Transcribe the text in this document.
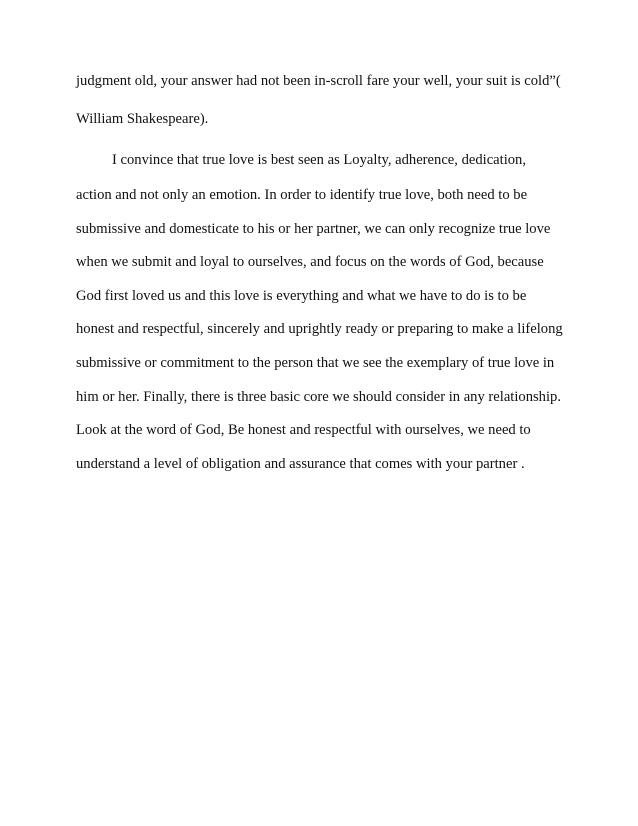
judgment old, your answer had not been in-scroll fare your well, your suit is cold”(

William Shakespeare).

I convince that true love is best seen as Loyalty, adherence, dedication,

action and not only an emotion. In order to identify true love, both need to be

submissive and domesticate to his or her partner, we can only recognize true love

when we submit and loyal to ourselves, and focus on the words of God, because

God first loved us and this love is everything and what we have to do is to be

honest and respectful, sincerely and uprightly ready or preparing to make a lifelong

submissive or commitment to the person that we see the exemplary of true love in

him or her. Finally, there is three basic core we should consider in any relationship.

Look at the word of God, Be honest and respectful with ourselves, we need to

understand a level of obligation and assurance that comes with your partner .
